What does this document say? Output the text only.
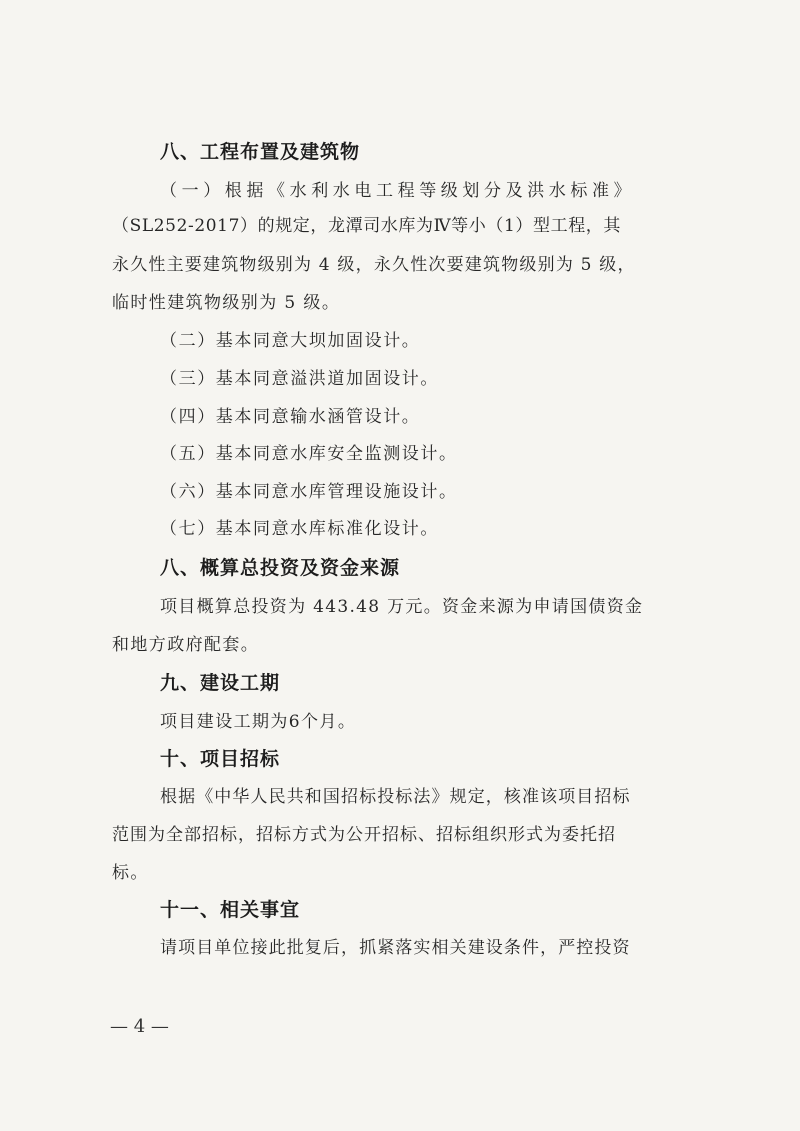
八、工程布置及建筑物
（一）根据《水利水电工程等级划分及洪水标准》
（SL252-2017）的规定，龙潭司水库为Ⅳ等小（1）型工程，其
永久性主要建筑物级别为 4 级，永久性次要建筑物级别为 5 级，
临时性建筑物级别为 5 级。
（二）基本同意大坝加固设计。
（三）基本同意溢洪道加固设计。
（四）基本同意输水涵管设计。
（五）基本同意水库安全监测设计。
（六）基本同意水库管理设施设计。
（七）基本同意水库标准化设计。
八、概算总投资及资金来源
项目概算总投资为 443.48 万元。资金来源为申请国债资金
和地方政府配套。
九、建设工期
项目建设工期为6个月。
十、项目招标
根据《中华人民共和国招标投标法》规定，核准该项目招标
范围为全部招标，招标方式为公开招标、招标组织形式为委托招
标。
十一、相关事宜
请项目单位接此批复后，抓紧落实相关建设条件，严控投资
— 4 —
